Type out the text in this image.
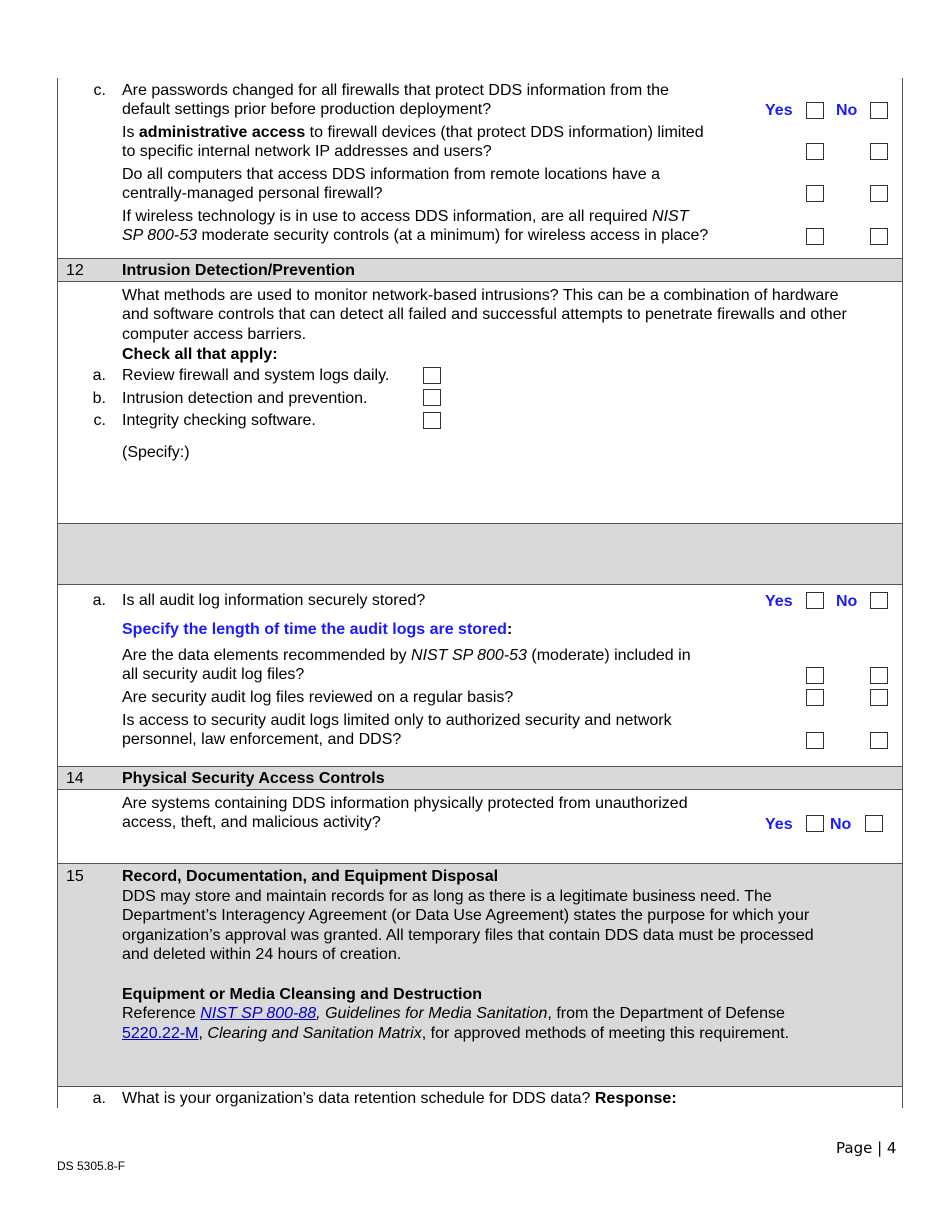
c. Are passwords changed for all firewalls that protect DDS information from the
default settings prior before production deployment?	Yes	No
Is administrative access to firewall devices (that protect DDS information) limited
to specific internal network IP addresses and users?
Do all computers that access DDS information from remote locations have a
centrally-managed personal firewall?
If wireless technology is in use to access DDS information, are all required NIST
SP 800-53 moderate security controls (at a minimum) for wireless access in place?
12 Intrusion Detection/Prevention
What methods are used to monitor network-based intrusions? This can be a combination of hardware
and software controls that can detect all failed and successful attempts to penetrate firewalls and other
computer access barriers.
Check all that apply:
a. Review firewall and system logs daily.
b. Intrusion detection and prevention.
c. Integrity checking software.
(Specify:)
a. Is all audit log information securely stored?	Yes	No
Specify the length of time the audit logs are stored:
Are the data elements recommended by NIST SP 800-53 (moderate) included in
all security audit log files?
Are security audit log files reviewed on a regular basis?
Is access to security audit logs limited only to authorized security and network
personnel, law enforcement, and DDS?
14 Physical Security Access Controls
Are systems containing DDS information physically protected from unauthorized
access, theft, and malicious activity?	Yes No
15 Record, Documentation, and Equipment Disposal
DDS may store and maintain records for as long as there is a legitimate business need. The
Department’s Interagency Agreement (or Data Use Agreement) states the purpose for which your
organization’s approval was granted. All temporary files that contain DDS data must be processed
and deleted within 24 hours of creation.
Equipment or Media Cleansing and Destruction
Reference NIST SP 800-88, Guidelines for Media Sanitation, from the Department of Defense
5220.22-M, Clearing and Sanitation Matrix, for approved methods of meeting this requirement.
a. What is your organization’s data retention schedule for DDS data? Response:
Page | 4
DS 5305.8-F
